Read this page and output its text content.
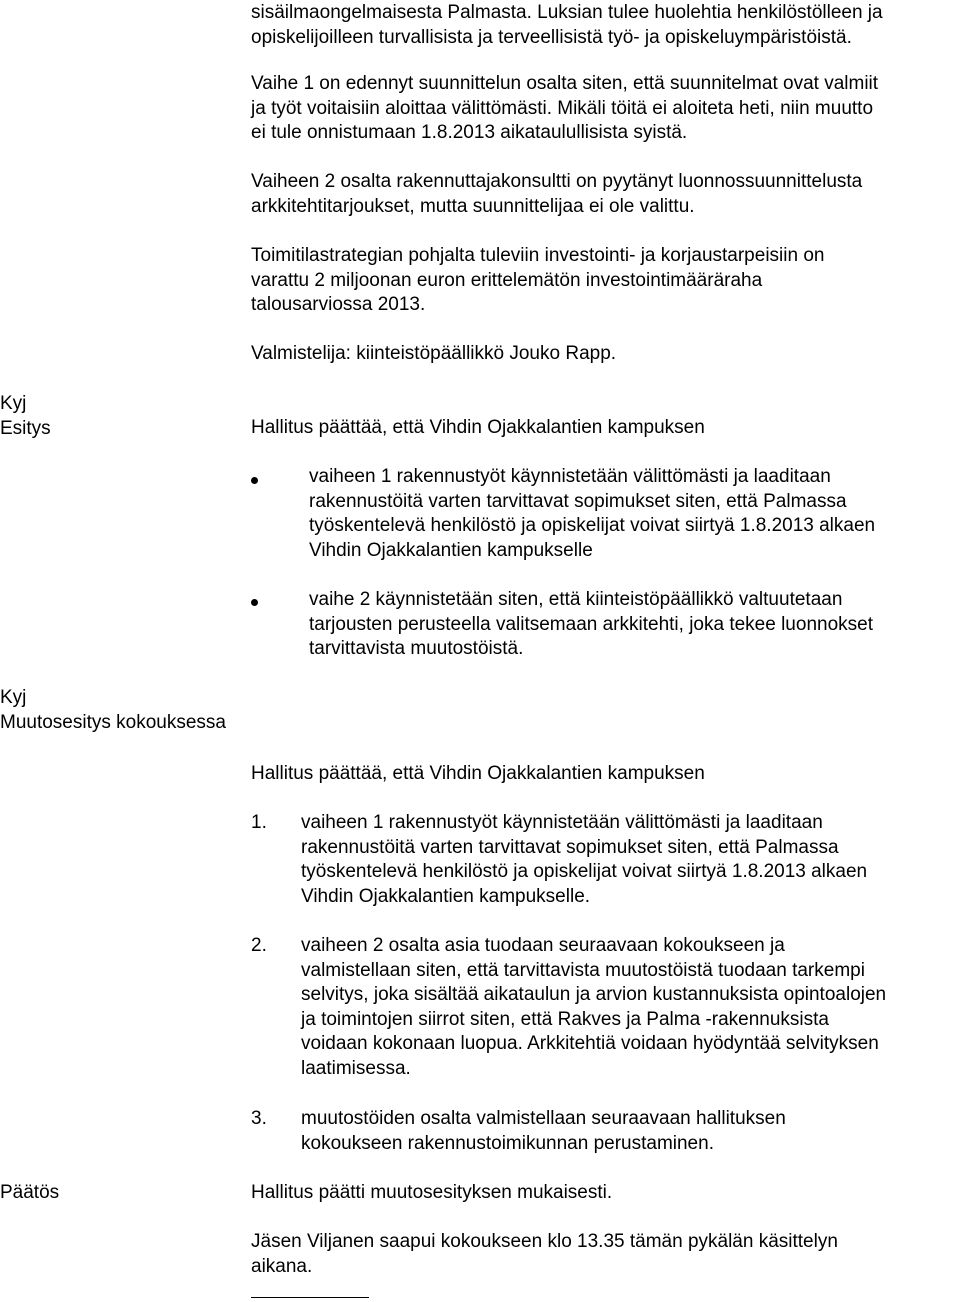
sisäilmaongelmaisesta Palmasta. Luksian tulee huolehtia henkilöstölleen ja
opiskelijoilleen turvallisista ja terveellisistä työ- ja opiskeluympäristöistä.
Vaihe 1 on edennyt suunnittelun osalta siten, että suunnitelmat ovat valmiit
ja työt voitaisiin aloittaa välittömästi. Mikäli töitä ei aloiteta heti, niin muutto
ei tule onnistumaan 1.8.2013 aikataulullisista syistä.
Vaiheen 2 osalta rakennuttajakonsultti on pyytänyt luonnossuunnittelusta
arkkitehtitarjoukset, mutta suunnittelijaa ei ole valittu.
Toimitilastrategian pohjalta tuleviin investointi- ja korjaustarpeisiin on
varattu 2 miljoonan euron erittelemätön investointimääräraha
talousarviossa 2013.
Valmistelija: kiinteistöpäällikkö Jouko Rapp.
Kyj
Esitys	Hallitus päättää, että Vihdin Ojakkalantien kampuksen
vaiheen 1 rakennustyöt käynnistetään välittömästi ja laaditaan
rakennustöitä varten tarvittavat sopimukset siten, että Palmassa
työskentelevä henkilöstö ja opiskelijat voivat siirtyä 1.8.2013 alkaen
Vihdin Ojakkalantien kampukselle
vaihe 2 käynnistetään siten, että kiinteistöpäällikkö valtuutetaan
tarjousten perusteella valitsemaan arkkitehti, joka tekee luonnokset
tarvittavista muutostöistä.
Kyj
Muutosesitys kokouksessa
Hallitus päättää, että Vihdin Ojakkalantien kampuksen
1. vaiheen 1 rakennustyöt käynnistetään välittömästi ja laaditaan
rakennustöitä varten tarvittavat sopimukset siten, että Palmassa
työskentelevä henkilöstö ja opiskelijat voivat siirtyä 1.8.2013 alkaen
Vihdin Ojakkalantien kampukselle.
2. vaiheen 2 osalta asia tuodaan seuraavaan kokoukseen ja
valmistellaan siten, että tarvittavista muutostöistä tuodaan tarkempi
selvitys, joka sisältää aikataulun ja arvion kustannuksista opintoalojen
ja toimintojen siirrot siten, että Rakves ja Palma -rakennuksista
voidaan kokonaan luopua. Arkkitehtiä voidaan hyödyntää selvityksen
laatimisessa.
3. muutostöiden osalta valmistellaan seuraavaan hallituksen
kokoukseen rakennustoimikunnan perustaminen.
Päätös	Hallitus päätti muutosesityksen mukaisesti.
Jäsen Viljanen saapui kokoukseen klo 13.35 tämän pykälän käsittelyn
aikana.
